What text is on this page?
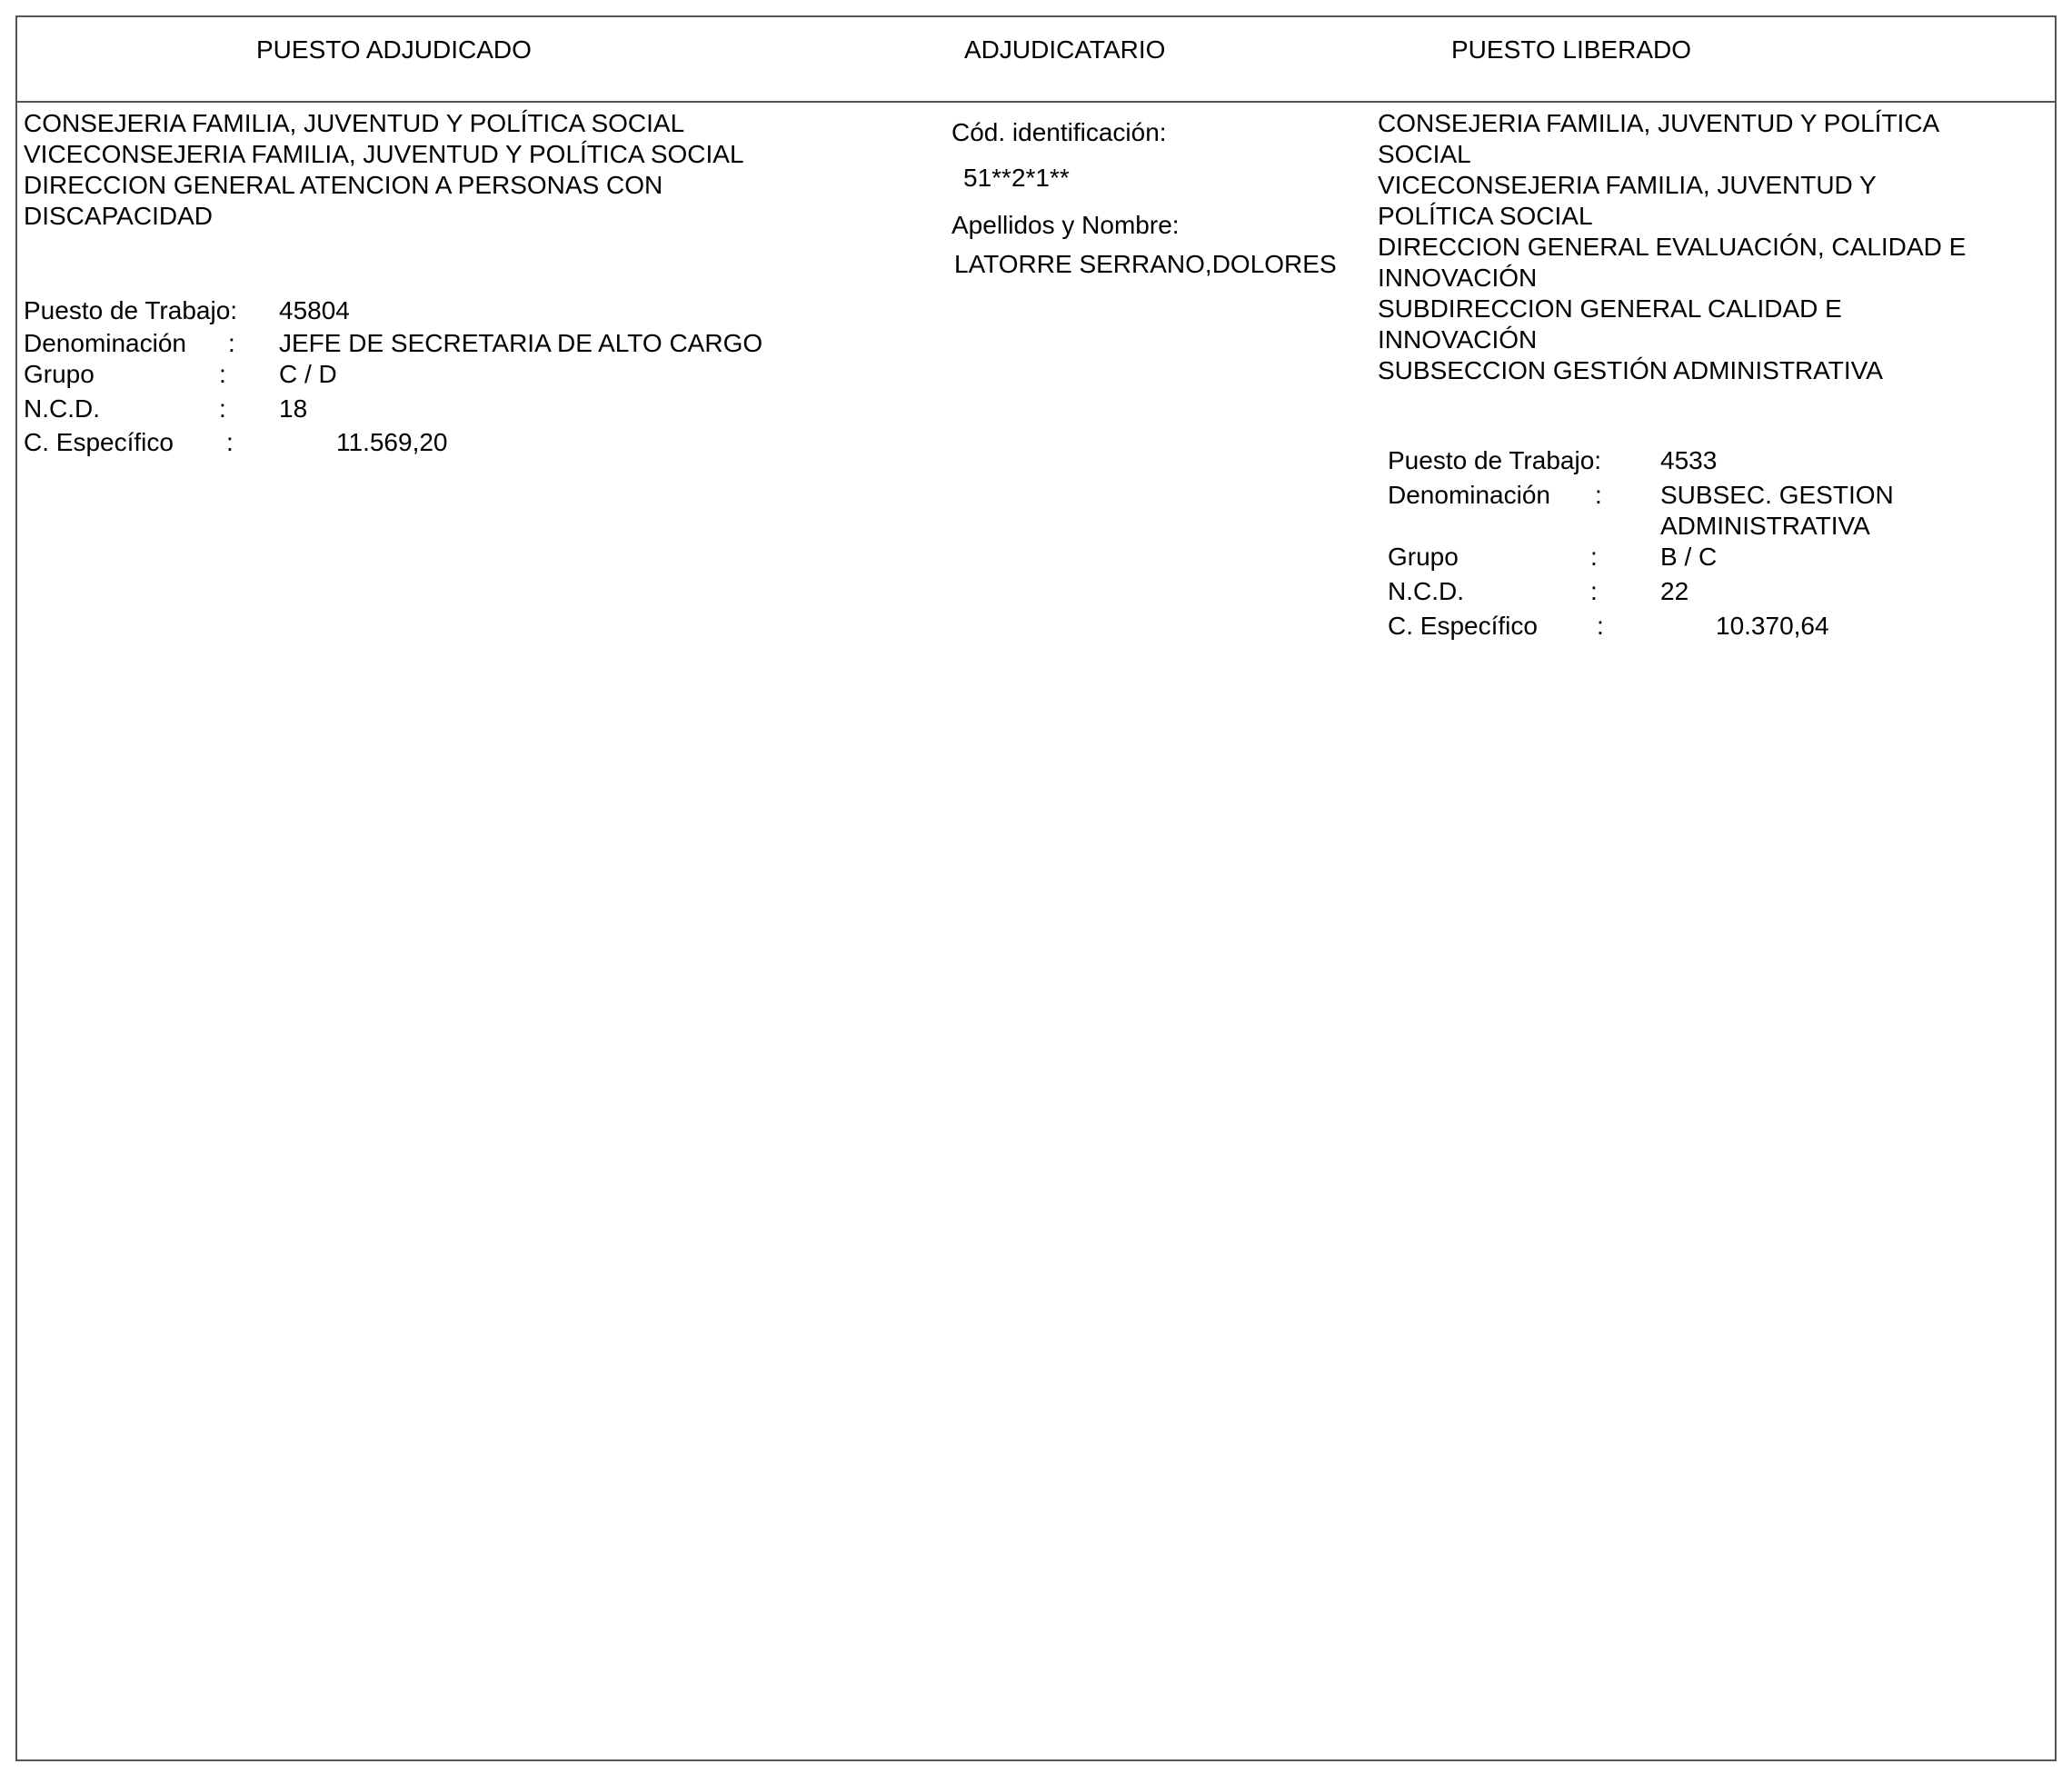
PUESTO ADJUDICADO	ADJUDICATARIO	PUESTO LIBERADO
CONSEJERIA FAMILIA, JUVENTUD Y POLÍTICA SOCIAL
VICECONSEJERIA FAMILIA, JUVENTUD Y POLÍTICA SOCIAL
DIRECCION GENERAL ATENCION A PERSONAS CON
DISCAPACIDAD
Puesto de Trabajo: 45804
Denominación : JEFE DE SECRETARIA DE ALTO CARGO
Grupo	: C / D
N.C.D.	: 18
C. Específico :	11.569,20
Cód. identificación:
51**2*1**
Apellidos y Nombre:
LATORRE SERRANO,DOLORES
CONSEJERIA FAMILIA, JUVENTUD Y POLÍTICA
SOCIAL
VICECONSEJERIA FAMILIA, JUVENTUD Y
POLÍTICA SOCIAL
DIRECCION GENERAL EVALUACIÓN, CALIDAD E
INNOVACIÓN
SUBDIRECCION GENERAL CALIDAD E
INNOVACIÓN
SUBSECCION GESTIÓN ADMINISTRATIVA
Puesto de Trabajo: 4533
Denominación : SUBSEC. GESTION
ADMINISTRATIVA
Grupo	: B / C
N.C.D.	: 22
C. Específico :	10.370,64
